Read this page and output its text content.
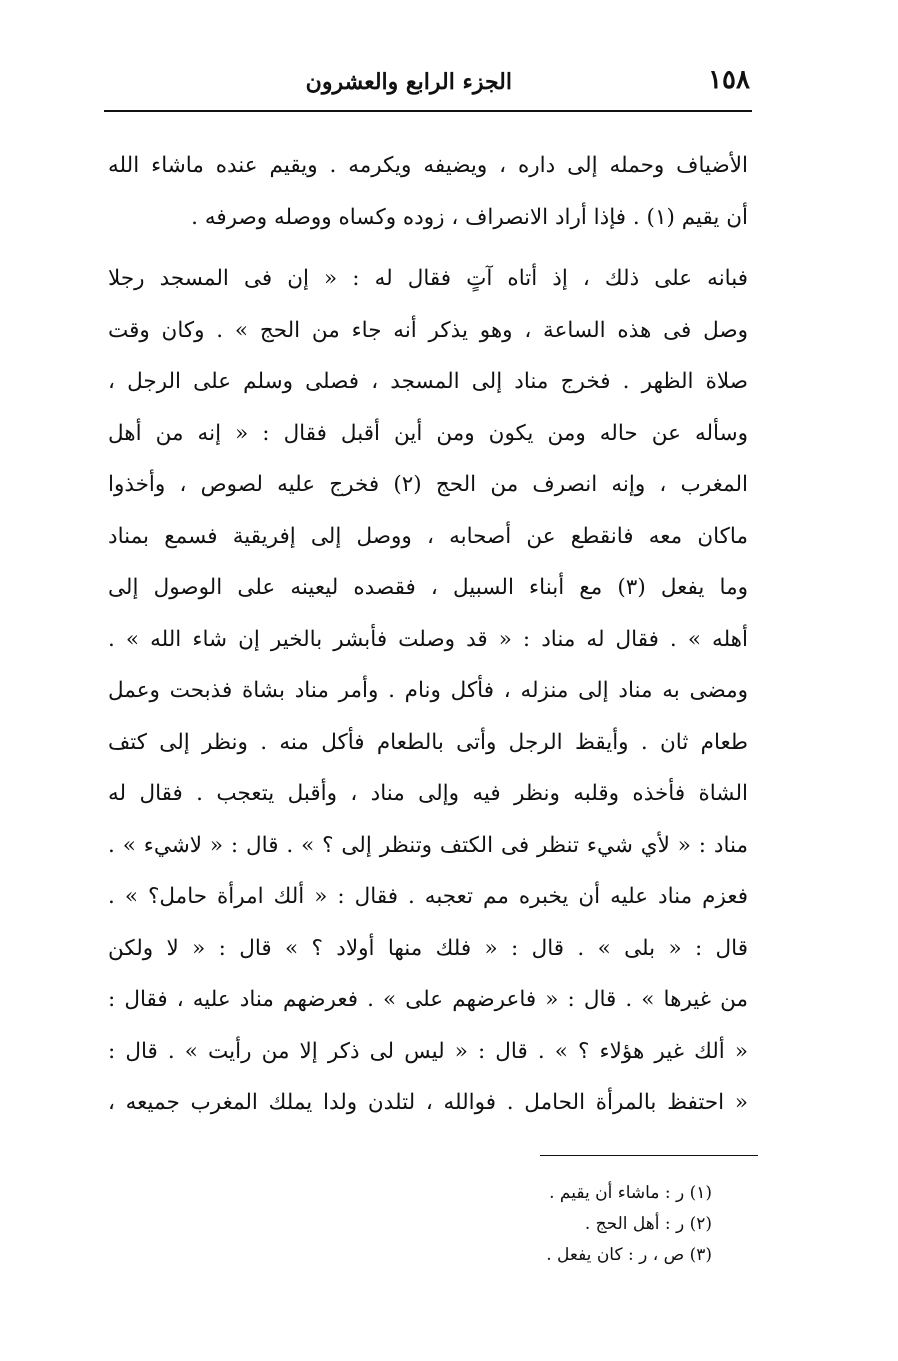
١٥٨
الجزء الرابع والعشرون

الأضياف وحمله إلى داره ، ويضيفه ويكرمه . ويقيم عنده ماشاء الله
أن يقيم (١) . فإذا أراد الانصراف ، زوده وكساه ووصله وصرفه .

فبانه على ذلك ، إذ أتاه آتٍ فقال له : « إن فى المسجد رجلا
وصل فى هذه الساعة ، وهو يذكر أنه جاء من الحج » . وكان وقت
صلاة الظهر . فخرج مناد إلى المسجد ، فصلى وسلم على الرجل ،
وسأله عن حاله ومن يكون ومن أين أقبل فقال : « إنه من أهل
المغرب ، وإنه انصرف من الحج (٢) فخرج عليه لصوص ، وأخذوا
ماكان معه فانقطع عن أصحابه ، ووصل إلى إفريقية فسمع بمناد
وما يفعل (٣) مع أبناء السبيل ، فقصده ليعينه على الوصول إلى
أهله » . فقال له مناد : « قد وصلت فأبشر بالخير إن شاء الله » .
ومضى به مناد إلى منزله ، فأكل ونام . وأمر مناد بشاة فذبحت وعمل
طعام ثان . وأيقظ الرجل وأتى بالطعام فأكل منه . ونظر إلى كتف
الشاة فأخذه وقلبه ونظر فيه وإلى مناد ، وأقبل يتعجب . فقال له
مناد : « لأي شيء تنظر فى الكتف وتنظر إلى ؟ » . قال : « لاشيء » .
فعزم مناد عليه أن يخبره مم تعجبه . فقال : « ألك امرأة حامل؟ » .
قال : « بلى » . قال : « فلك منها أولاد ؟ » قال : « لا ولكن
من غيرها » . قال : « فاعرضهم على » . فعرضهم مناد عليه ، فقال :
« ألك غير هؤلاء ؟ » . قال : « ليس لى ذكر إلا من رأيت » . قال :
« احتفظ بالمرأة الحامل . فوالله ، لتلدن ولدا يملك المغرب جميعه ،

(١) ر : ماشاء أن يقيم .
(٢) ر : أهل الحج .
(٣) ص ، ر : كان يفعل .
